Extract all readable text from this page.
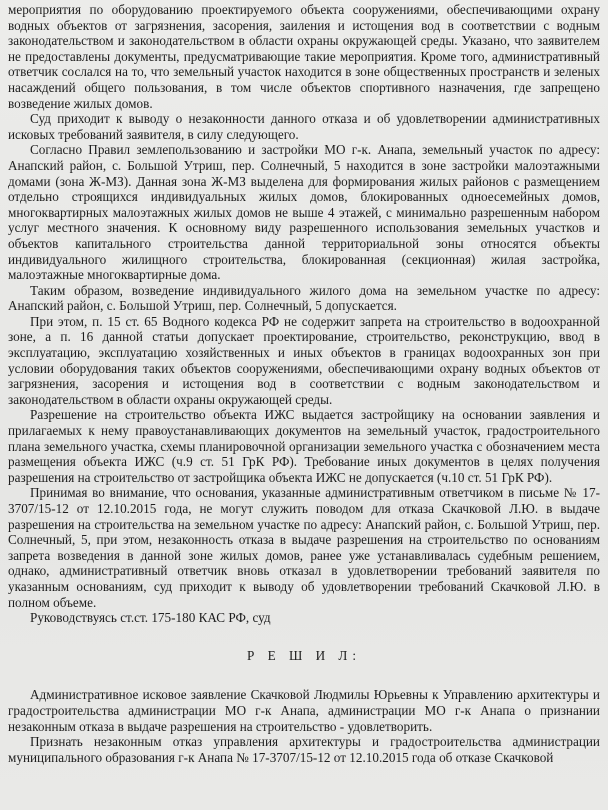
мероприятия по оборудованию проектируемого объекта сооружениями, обеспечивающими охрану водных объектов от загрязнения, засорения, заиления и истощения вод в соответствии с водным законодательством и законодательством в области охраны окружающей среды. Указано, что заявителем не предоставлены документы, предусматривающие такие мероприятия. Кроме того, административный ответчик сослался на то, что земельный участок находится в зоне общественных пространств и зеленых насаждений общего пользования, в том числе объектов спортивного назначения, где запрещено возведение жилых домов.

Суд приходит к выводу о незаконности данного отказа и об удовлетворении административных исковых требований заявителя, в силу следующего.

Согласно Правил землепользованию и застройки МО г-к. Анапа, земельный участок по адресу: Анапский район, с. Большой Утриш, пер. Солнечный, 5 находится в зоне застройки малоэтажными домами (зона Ж-МЗ). Данная зона Ж-МЗ выделена для формирования жилых районов с размещением отдельно строящихся индивидуальных жилых домов, блокированных одноесемейных домов, многоквартирных малоэтажных жилых домов не выше 4 этажей, с минимально разрешенным набором услуг местного значения. К основному виду разрешенного использования земельных участков и объектов капитального строительства данной территориальной зоны относятся объекты индивидуального жилищного строительства, блокированная (секционная) жилая застройка, малоэтажные многоквартирные дома.

Таким образом, возведение индивидуального жилого дома на земельном участке по адресу: Анапский район, с. Большой Утриш, пер. Солнечный, 5 допускается.

При этом, п. 15 ст. 65 Водного кодекса РФ не содержит запрета на строительство в водоохранной зоне, а п. 16 данной статьи допускает проектирование, строительство, реконструкцию, ввод в эксплуатацию, эксплуатацию хозяйственных и иных объектов в границах водоохранных зон при условии оборудования таких объектов сооружениями, обеспечивающими охрану водных объектов от загрязнения, засорения и истощения вод в соответствии с водным законодательством и законодательством в области охраны окружающей среды.

Разрешение на строительство объекта ИЖС выдается застройщику на основании заявления и прилагаемых к нему правоустанавливающих документов на земельный участок, градостроительного плана земельного участка, схемы планировочной организации земельного участка с обозначением места размещения объекта ИЖС (ч.9 ст. 51 ГрК РФ). Требование иных документов в целях получения разрешения на строительство от застройщика объекта ИЖС не допускается (ч.10 ст. 51 ГрК РФ).

Принимая во внимание, что основания, указанные административным ответчиком в письме № 17-3707/15-12 от 12.10.2015 года, не могут служить поводом для отказа Скачковой Л.Ю. в выдаче разрешения на строительства на земельном участке по адресу: Анапский район, с. Большой Утриш, пер. Солнечный, 5, при этом, незаконность отказа в выдаче разрешения на строительство по основаниям запрета возведения в данной зоне жилых домов, ранее уже устанавливалась судебным решением, однако, административный ответчик вновь отказал в удовлетворении требований заявителя по указанным основаниям, суд приходит к выводу об удовлетворении требований Скачковой Л.Ю. в полном объеме.

Руководствуясь ст.ст. 175-180 КАС РФ, суд

Р Е Ш И Л:

Административное исковое заявление Скачковой Людмилы Юрьевны к Управлению архитектуры и градостроительства администрации МО г-к Анапа, администрации МО г-к Анапа о признании незаконным отказа в выдаче разрешения на строительство - удовлетворить.

Признать незаконным отказ управления архитектуры и градостроительства администрации муниципального образования г-к Анапа № 17-3707/15-12 от 12.10.2015 года об отказе Скачковой
